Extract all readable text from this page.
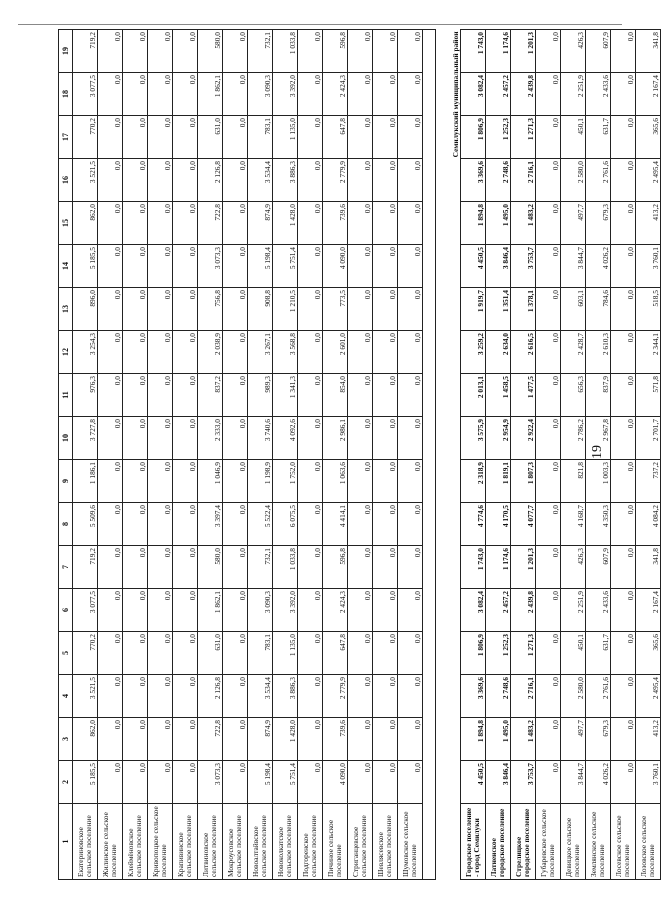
19
1	2	3	4	5	6	7	8	9	10	11	12	13	14	15	16	17	18	19
Екатериновское сельское поселение	5 185,5	862,0	3 521,5	770,2	3 077,5	719,2	5 509,6	1 186,1	3 727,8	976,3	3 254,3	896,0	5 185,5	862,0	3 521,5	770,2	3 077,5	719,2
Жилинское сельское поселение	0,0	0,0	0,0	0,0	0,0	0,0	0,0	0,0	0,0	0,0	0,0	0,0	0,0	0,0	0,0	0,0	0,0	0,0
Клеймёновское сельское поселение	0,0	0,0	0,0	0,0	0,0	0,0	0,0	0,0	0,0	0,0	0,0	0,0	0,0	0,0	0,0	0,0	0,0	0,0
Кривопоцкое сельское поселение	0,0	0,0	0,0	0,0	0,0	0,0	0,0	0,0	0,0	0,0	0,0	0,0	0,0	0,0	0,0	0,0	0,0	0,0
Крапивинское сельское поселение	0,0	0,0	0,0	0,0	0,0	0,0	0,0	0,0	0,0	0,0	0,0	0,0	0,0	0,0	0,0	0,0	0,0	0,0
Литвиновское сельское поселение	3 073,3	722,8	2 126,8	631,0	1 862,1	580,0	3 397,4	1 046,9	2 333,0	837,2	2 038,9	756,8	3 073,3	722,8	2 126,8	631,0	1 862,1	580,0
Мокроусовское сельское поселение	0,0	0,0	0,0	0,0	0,0	0,0	0,0	0,0	0,0	0,0	0,0	0,0	0,0	0,0	0,0	0,0	0,0	0,0
Новоалтайвское сельское поселение	5 198,4	874,9	3 534,4	783,1	3 090,3	732,1	5 522,4	1 198,9	3 740,6	989,3	3 267,1	908,8	5 198,4	874,9	3 534,4	783,1	3 090,3	732,1
Новоколкатское сельское поселение	5 751,4	1 428,0	3 886,3	1 135,0	3 392,0	1 033,8	6 075,5	1 752,0	4 092,6	1 341,3	3 568,8	1 210,5	5 751,4	1 428,0	3 886,3	1 135,0	3 392,0	1 033,8
Подгоренское сельское поселение	0,0	0,0	0,0	0,0	0,0	0,0	0,0	0,0	0,0	0,0	0,0	0,0	0,0	0,0	0,0	0,0	0,0	0,0
Пичиное сельское поселение	4 090,0	739,6	2 779,9	647,8	2 424,3	596,8	4 414,1	1 063,6	2 986,1	854,0	2 601,0	773,5	4 090,0	739,6	2 779,9	647,8	2 424,3	596,8
Стриганцевское сельское поселение	0,0	0,0	0,0	0,0	0,0	0,0	0,0	0,0	0,0	0,0	0,0	0,0	0,0	0,0	0,0	0,0	0,0	0,0
Шевлясевское сельское поселение	0,0	0,0	0,0	0,0	0,0	0,0	0,0	0,0	0,0	0,0	0,0	0,0	0,0	0,0	0,0	0,0	0,0	0,0
Шумовское сельское поселение	0,0	0,0	0,0	0,0	0,0	0,0	0,0	0,0	0,0	0,0	0,0	0,0	0,0	0,0	0,0	0,0	0,0	0,0

Семилукский муниципальный район																		
Городское поселение - город Семилуки	4 450,5	1 894,8	3 369,6	1 806,9	3 082,4	1 743,0	4 774,6	2 318,9	3 575,9	2 013,1	3 259,2	1 919,7	4 450,5	1 894,8	3 369,6	1 806,9	3 082,4	1 743,0
Латненское городское поселение	3 846,4	1 495,0	2 748,6	1 252,3	2 457,2	1 174,6	4 170,5	1 819,1	2 954,9	1 458,5	2 634,0	1 351,4	3 846,4	1 495,0	2 748,6	1 252,3	2 457,2	1 174,6
Стрелицкое городское поселение	3 753,7	1 483,2	2 716,1	1 271,3	2 439,8	1 201,3	4 077,7	1 807,3	2 922,4	1 477,5	2 616,5	1 378,1	3 753,7	1 483,2	2 716,1	1 271,3	2 439,8	1 201,3
Губаревское сельское поселение	0,0	0,0	0,0	0,0	0,0	0,0	0,0	0,0	0,0	0,0	0,0	0,0	0,0	0,0	0,0	0,0	0,0	0,0
Девицкое сельское поселение	3 844,7	497,7	2 580,0	450,1	2 251,9	426,3	4 168,7	821,8	2 786,2	656,3	2 428,7	603,1	3 844,7	497,7	2 580,0	450,1	2 251,9	426,3
Землянское сельское поселение	4 026,2	679,3	2 761,6	631,7	2 433,6	607,9	4 350,3	1 003,3	2 967,8	837,9	2 610,3	784,6	4 026,2	679,3	2 761,6	631,7	2 433,6	607,9
Лосевское сельское поселение	0,0	0,0	0,0	0,0	0,0	0,0	0,0	0,0	0,0	0,0	0,0	0,0	0,0	0,0	0,0	0,0	0,0	0,0
Лозовское сельское поселение	3 760,1	413,2	2 495,4	365,6	2 167,4	341,8	4 084,2	737,2	2 701,7	571,8	2 344,1	518,5	3 760,1	413,2	2 495,4	365,6	2 167,4	341,8
